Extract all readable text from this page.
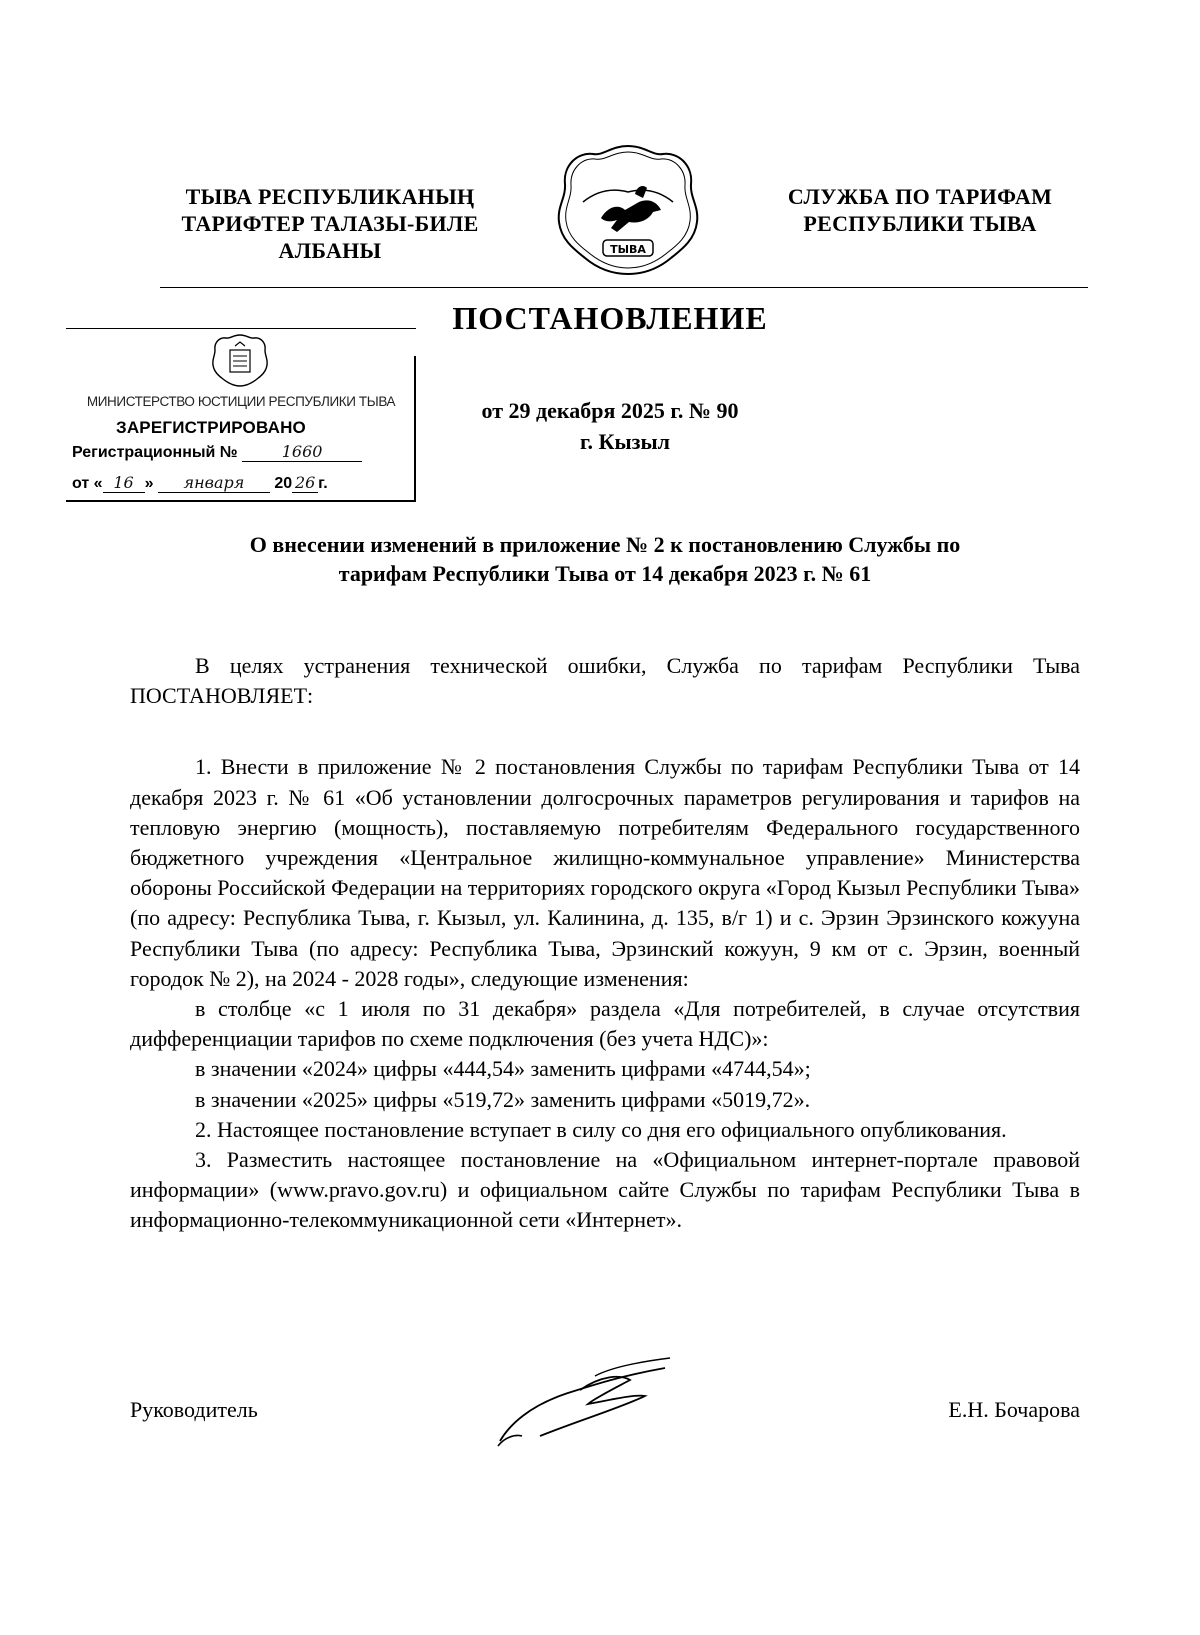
ТЫВА РЕСПУБЛИКАНЫҢ
ТАРИФТЕР ТАЛАЗЫ-БИЛЕ
АЛБАНЫ	ТЫВА
СЛУЖБА ПО ТАРИФАМ
РЕСПУБЛИКИ ТЫВА
ПОСТАНОВЛЕНИЕ
МИНИСТЕРСТВО ЮСТИЦИИ РЕСПУБЛИКИ ТЫВА
ЗАРЕГИСТРИРОВАНО
Регистрационный №	1660
от « 16 » января 20 26 г.
от 29 декабря 2025 г. № 90
г. Кызыл
О внесении изменений в приложение № 2 к постановлению Службы по
тарифам Республики Тыва от 14 декабря 2023 г. № 61

В целях устранения технической ошибки, Служба по тарифам Республики Тыва ПОСТАНОВЛЯЕТ:

1. Внести в приложение № 2 постановления Службы по тарифам Республики Тыва от 14 декабря 2023 г. № 61 «Об установлении долгосрочных параметров регулирования и тарифов на тепловую энергию (мощность), поставляемую потребителям Федерального государственного бюджетного учреждения «Центральное жилищно-коммунальное управление» Министерства обороны Российской Федерации на территориях городского округа «Город Кызыл Республики Тыва» (по адресу: Республика Тыва, г. Кызыл, ул. Калинина, д. 135, в/г 1) и с. Эрзин Эрзинского кожууна Республики Тыва (по адресу: Республика Тыва, Эрзинский кожуун, 9 км от с. Эрзин, военный городок № 2), на 2024 - 2028 годы», следующие изменения:

в столбце «с 1 июля по 31 декабря» раздела «Для потребителей, в случае отсутствия дифференциации тарифов по схеме подключения (без учета НДС)»:

в значении «2024» цифры «444,54» заменить цифрами «4744,54»;

в значении «2025» цифры «519,72» заменить цифрами «5019,72».

2. Настоящее постановление вступает в силу со дня его официального опубликования.

3. Разместить настоящее постановление на «Официальном интернет-портале правовой информации» (www.pravo.gov.ru) и официальном сайте Службы по тарифам Республики Тыва в информационно-телекоммуникационной сети «Интернет».

Руководитель	Е.Н. Бочарова
